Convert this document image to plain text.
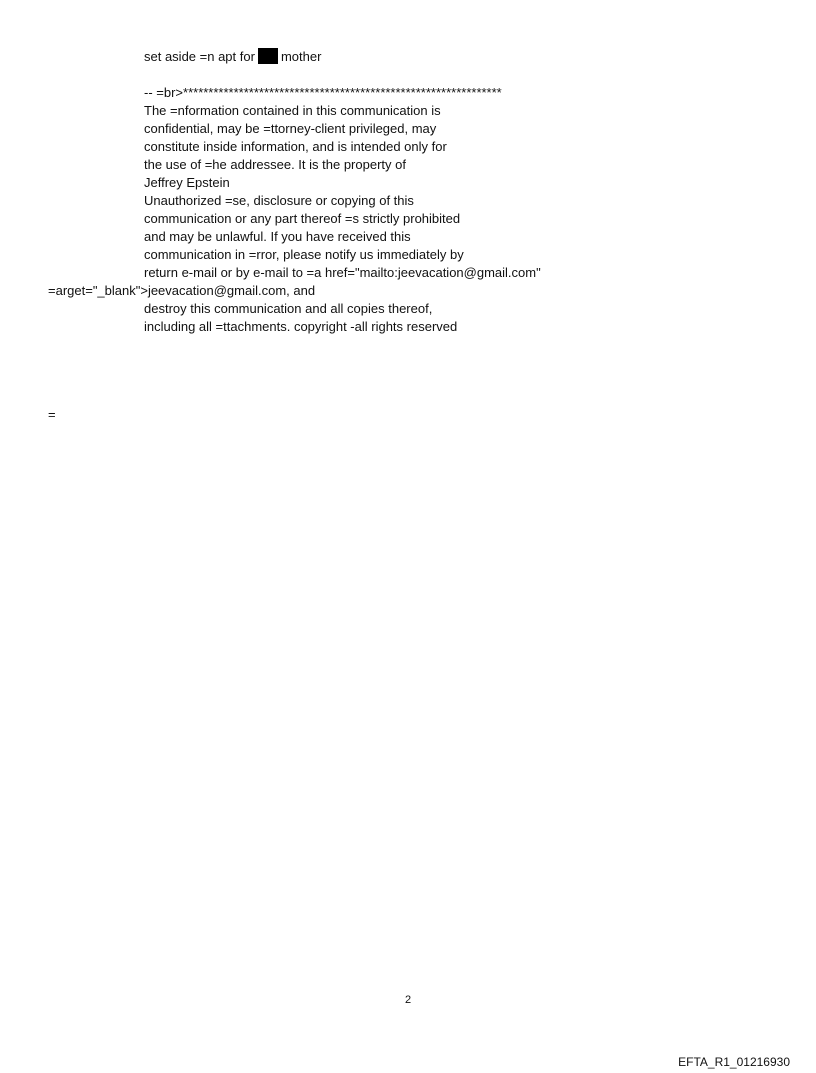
set aside =n apt for mother
-- =br>***************************************************************
The =nformation contained in this communication is
confidential, may be =ttorney-client privileged, may
constitute inside information, and is intended only for
the use of =he addressee. It is the property of
Jeffrey Epstein
Unauthorized =se, disclosure or copying of this
communication or any part thereof =s strictly prohibited
and may be unlawful. If you have received this
communication in =rror, please notify us immediately by
return e-mail or by e-mail to =a href="mailto:jeevacation@gmail.com"
=arget="_blank">jeevacation@gmail.com, and
destroy this communication and all copies thereof,
including all =ttachments. copyright -all rights reserved
=
2
EFTA_R1_01216930
